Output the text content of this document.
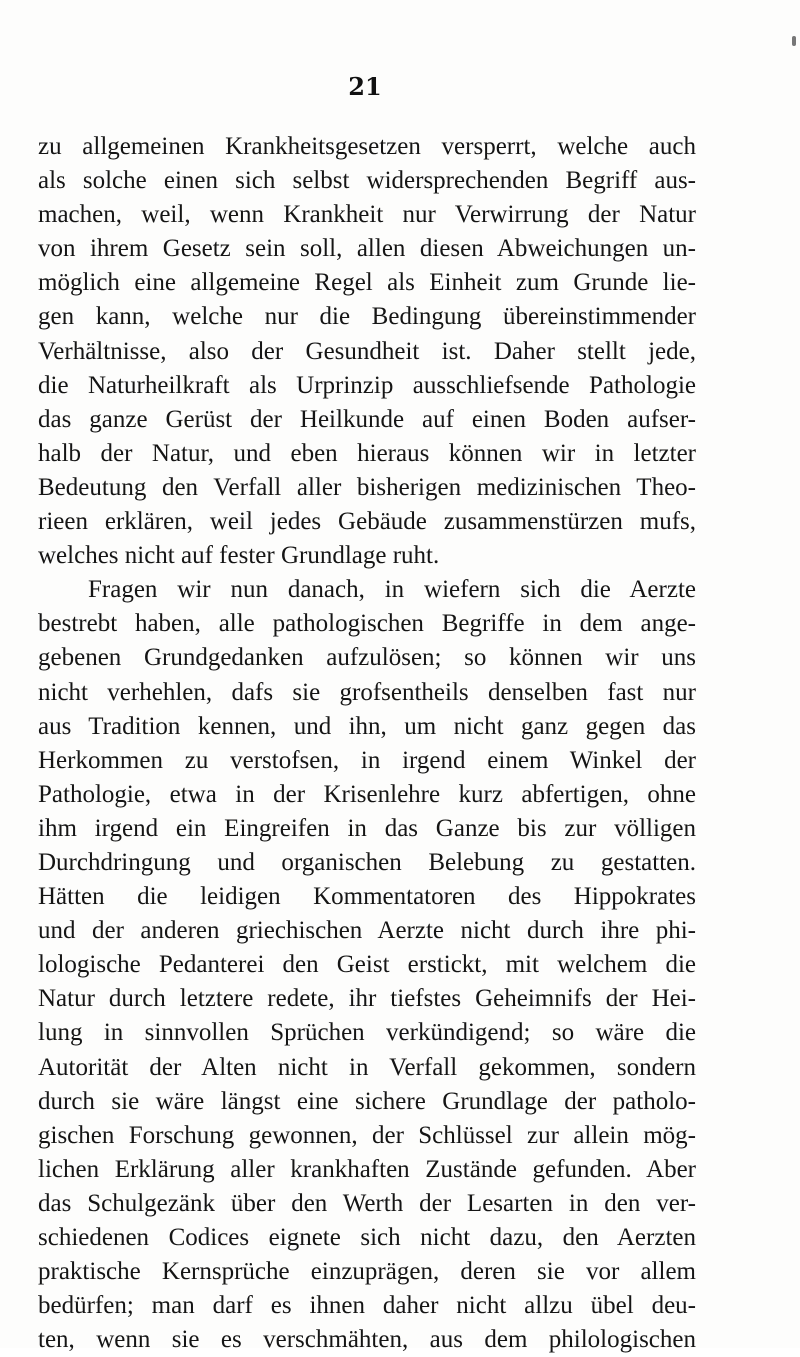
21
zu allgemeinen Krankheitsgesetzen versperrt, welche auch
als solche einen sich selbst widersprechenden Begriff aus-
machen, weil, wenn Krankheit nur Verwirrung der Natur
von ihrem Gesetz sein soll, allen diesen Abweichungen un-
möglich eine allgemeine Regel als Einheit zum Grunde lie-
gen kann, welche nur die Bedingung übereinstimmender
Verhältnisse, also der Gesundheit ist. Daher stellt jede,
die Naturheilkraft als Urprinzip ausschliefsende Pathologie
das ganze Gerüst der Heilkunde auf einen Boden aufser-
halb der Natur, und eben hieraus können wir in letzter
Bedeutung den Verfall aller bisherigen medizinischen Theo-
rieen erklären, weil jedes Gebäude zusammenstürzen mufs,
welches nicht auf fester Grundlage ruht.
Fragen wir nun danach, in wiefern sich die Aerzte
bestrebt haben, alle pathologischen Begriffe in dem ange-
gebenen Grundgedanken aufzulösen; so können wir uns
nicht verhehlen, dafs sie grofsentheils denselben fast nur
aus Tradition kennen, und ihn, um nicht ganz gegen das
Herkommen zu verstofsen, in irgend einem Winkel der
Pathologie, etwa in der Krisenlehre kurz abfertigen, ohne
ihm irgend ein Eingreifen in das Ganze bis zur völligen
Durchdringung und organischen Belebung zu gestatten.
Hätten die leidigen Kommentatoren des Hippokrates
und der anderen griechischen Aerzte nicht durch ihre phi-
lologische Pedanterei den Geist erstickt, mit welchem die
Natur durch letztere redete, ihr tiefstes Geheimnifs der Hei-
lung in sinnvollen Sprüchen verkündigend; so wäre die
Autorität der Alten nicht in Verfall gekommen, sondern
durch sie wäre längst eine sichere Grundlage der patholo-
gischen Forschung gewonnen, der Schlüssel zur allein mög-
lichen Erklärung aller krankhaften Zustände gefunden. Aber
das Schulgezänk über den Werth der Lesarten in den ver-
schiedenen Codices eignete sich nicht dazu, den Aerzten
praktische Kernsprüche einzuprägen, deren sie vor allem
bedürfen; man darf es ihnen daher nicht allzu übel deu-
ten, wenn sie es verschmähten, aus dem philologischen
